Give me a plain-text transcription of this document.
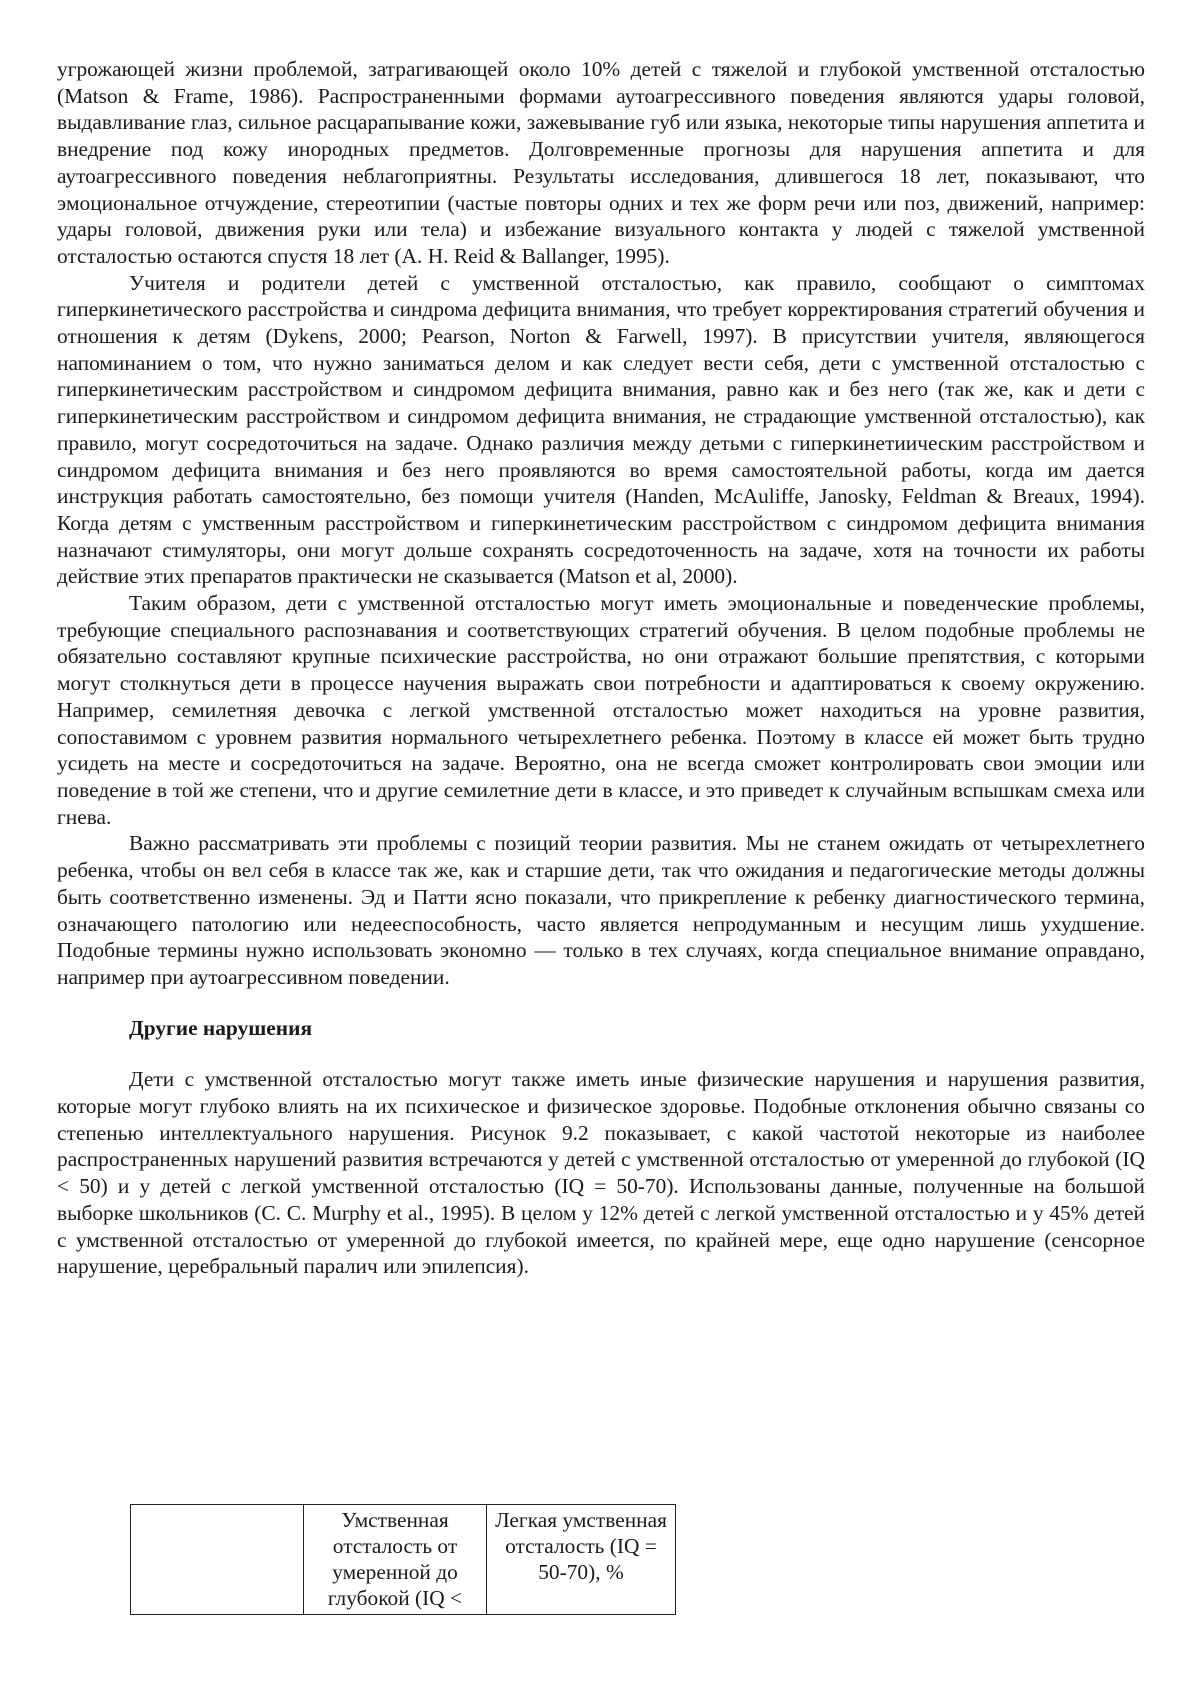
угрожающей жизни проблемой, затрагивающей около 10% детей с тяжелой и глубокой умственной отсталостью (Matson & Frame, 1986). Распространенными формами аутоагрессивного поведения являются удары головой, выдавливание глаз, сильное расцарапывание кожи, зажевывание губ или языка, некоторые типы нарушения аппетита и внедрение под кожу инородных предметов. Долговременные прогнозы для нарушения аппетита и для аутоагрессивного поведения неблагоприятны. Результаты исследования, длившегося 18 лет, показывают, что эмоциональное отчуждение, стереотипии (частые повторы одних и тех же форм речи или поз, движений, например: удары головой, движения руки или тела) и избежание визуального контакта у людей с тяжелой умственной отсталостью остаются спустя 18 лет (A. H. Reid & Ballanger, 1995).

Учителя и родители детей с умственной отсталостью, как правило, сообщают о симптомах гиперкинетического расстройства и синдрома дефицита внимания, что требует корректирования стратегий обучения и отношения к детям (Dykens, 2000; Pearson, Norton & Farwell, 1997). В присутствии учителя, являющегося напоминанием о том, что нужно заниматься делом и как следует вести себя, дети с умственной отсталостью с гиперкинетическим расстройством и синдромом дефицита внимания, равно как и без него (так же, как и дети с гиперкинетическим расстройством и синдромом дефицита внимания, не страдающие умственной отсталостью), как правило, могут сосредоточиться на задаче. Однако различия между детьми с гиперкинетиическим расстройством и синдромом дефицита внимания и без него проявляются во время самостоятельной работы, когда им дается инструкция работать самостоятельно, без помощи учителя (Handen, McAuliffe, Janosky, Feldman & Breaux, 1994). Когда детям с умственным расстройством и гиперкинетическим расстройством с синдромом дефицита внимания назначают стимуляторы, они могут дольше сохранять сосредоточенность на задаче, хотя на точности их работы действие этих препаратов практически не сказывается (Matson et al, 2000).

Таким образом, дети с умственной отсталостью могут иметь эмоциональные и поведенческие проблемы, требующие специального распознавания и соответствующих стратегий обучения. В целом подобные проблемы не обязательно составляют крупные психические расстройства, но они отражают большие препятствия, с которыми могут столкнуться дети в процессе научения выражать свои потребности и адаптироваться к своему окружению. Например, семилетняя девочка с легкой умственной отсталостью может находиться на уровне развития, сопоставимом с уровнем развития нормального четырехлетнего ребенка. Поэтому в классе ей может быть трудно усидеть на месте и сосредоточиться на задаче. Вероятно, она не всегда сможет контролировать свои эмоции или поведение в той же степени, что и другие семилетние дети в классе, и это приведет к случайным вспышкам смеха или гнева.

Важно рассматривать эти проблемы с позиций теории развития. Мы не станем ожидать от четырехлетнего ребенка, чтобы он вел себя в классе так же, как и старшие дети, так что ожидания и педагогические методы должны быть соответственно изменены. Эд и Патти ясно показали, что прикрепление к ребенку диагностического термина, означающего патологию или недееспособность, часто является непродуманным и несущим лишь ухудшение. Подобные термины нужно использовать экономно — только в тех случаях, когда специальное внимание оправдано, например при аутоагрессивном поведении.

Другие нарушения

Дети с умственной отсталостью могут также иметь иные физические нарушения и нарушения развития, которые могут глубоко влиять на их психическое и физическое здоровье. Подобные отклонения обычно связаны со степенью интеллектуального нарушения. Рисунок 9.2 показывает, с какой частотой некоторые из наиболее распространенных нарушений развития встречаются у детей с умственной отсталостью от умеренной до глубокой (IQ < 50) и у детей с легкой умственной отсталостью (IQ = 50-70). Использованы данные, полученные на большой выборке школьников (C. C. Murphy et al., 1995). В целом у 12% детей с легкой умственной отсталостью и у 45% детей с умственной отсталостью от умеренной до глубокой имеется, по крайней мере, еще одно нарушение (сенсорное нарушение, церебральный паралич или эпилепсия).

	Умственная отсталость от умеренной до глубокой (IQ <	Легкая умственная отсталость (IQ = 50-70), %
